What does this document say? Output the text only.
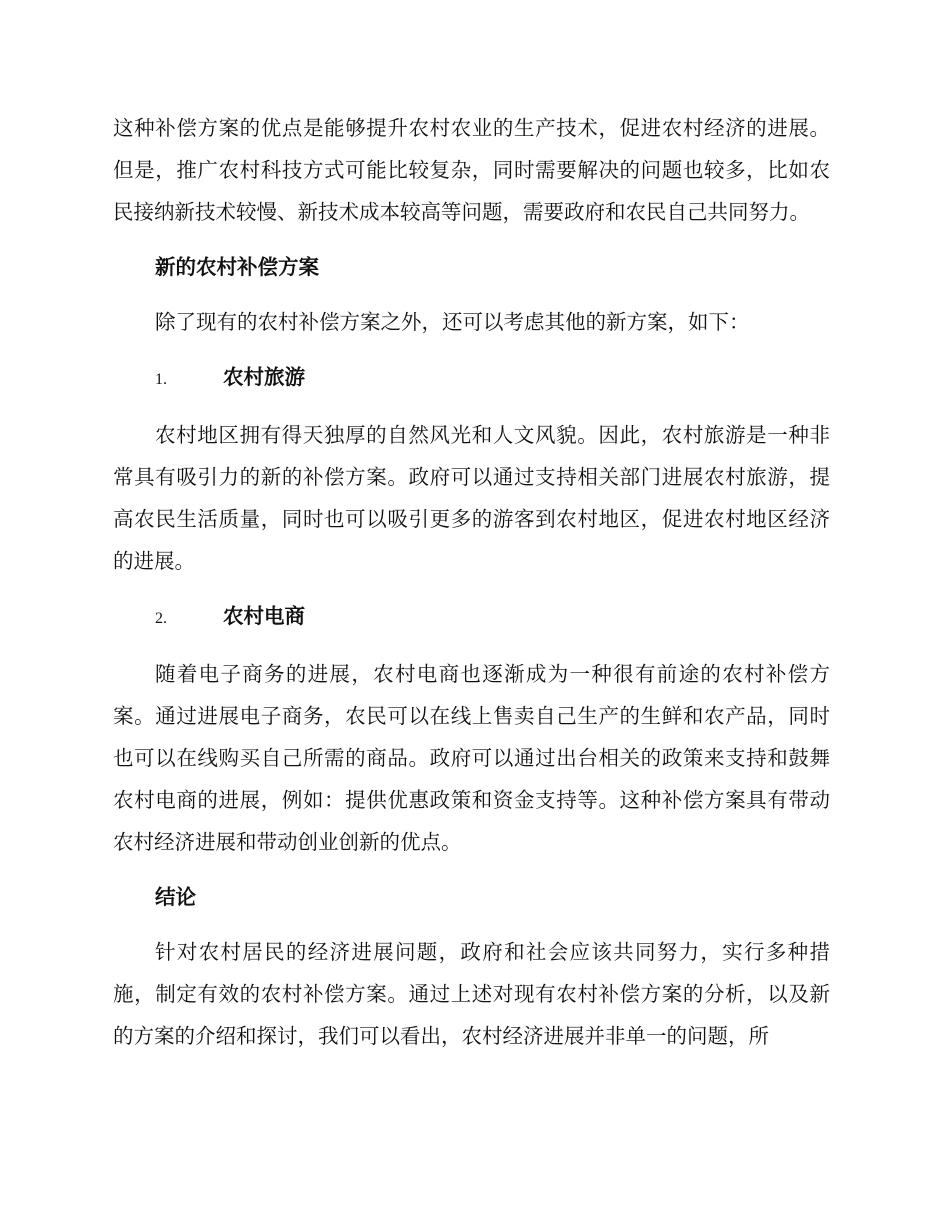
这种补偿方案的优点是能够提升农村农业的生产技术，促进农村经济的进展。但是，推广农村科技方式可能比较复杂，同时需要解决的问题也较多，比如农民接纳新技术较慢、新技术成本较高等问题，需要政府和农民自己共同努力。

新的农村补偿方案

除了现有的农村补偿方案之外，还可以考虑其他的新方案，如下：

1.	农村旅游

农村地区拥有得天独厚的自然风光和人文风貌。因此，农村旅游是一种非常具有吸引力的新的补偿方案。政府可以通过支持相关部门进展农村旅游，提高农民生活质量，同时也可以吸引更多的游客到农村地区，促进农村地区经济的进展。

2.	农村电商

随着电子商务的进展，农村电商也逐渐成为一种很有前途的农村补偿方案。通过进展电子商务，农民可以在线上售卖自己生产的生鲜和农产品，同时也可以在线购买自己所需的商品。政府可以通过出台相关的政策来支持和鼓舞农村电商的进展，例如：提供优惠政策和资金支持等。这种补偿方案具有带动农村经济进展和带动创业创新的优点。

结论

针对农村居民的经济进展问题，政府和社会应该共同努力，实行多种措施，制定有效的农村补偿方案。通过上述对现有农村补偿方案的分析，以及新的方案的介绍和探讨，我们可以看出，农村经济进展并非单一的问题，所
